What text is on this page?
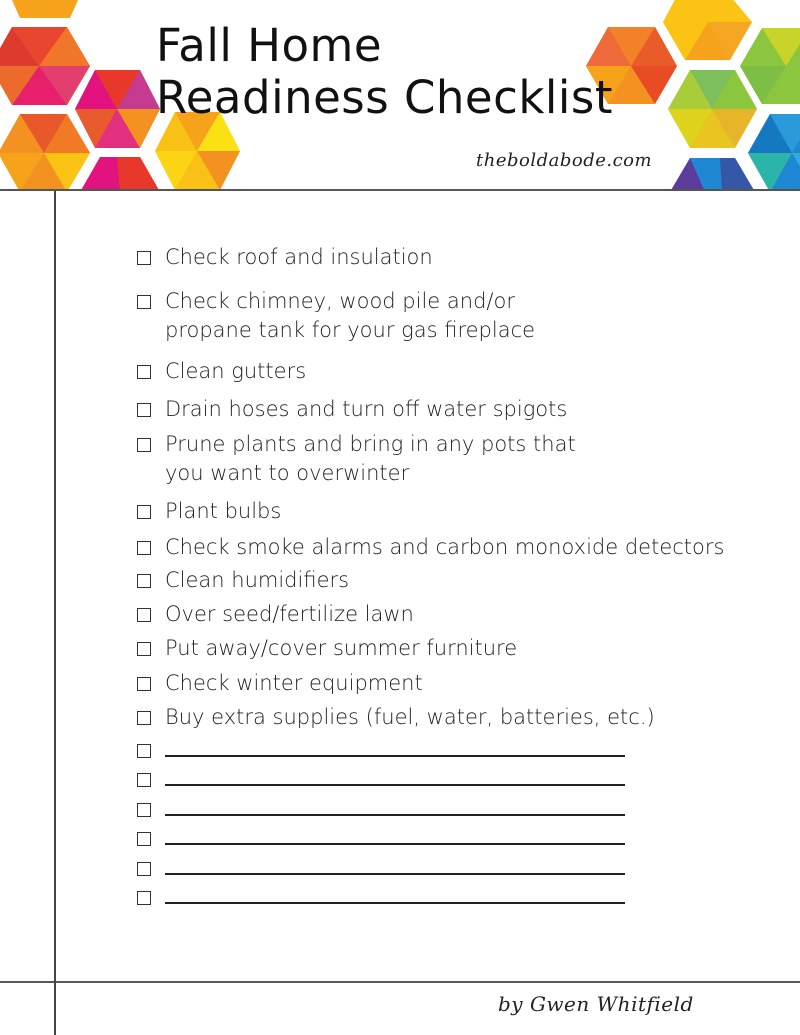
Fall Home
Readiness Checklist
theboldabode.com
Check roof and insulation
Check chimney, wood pile and/or
propane tank for your gas fireplace
Clean gutters
Drain hoses and turn off water spigots
Prune plants and bring in any pots that
you want to overwinter
Plant bulbs
Check smoke alarms and carbon monoxide detectors
Clean humidifiers
Over seed/fertilize lawn
Put away/cover summer furniture
Check winter equipment
Buy extra supplies (fuel, water, batteries, etc.)
by Gwen Whitfield
